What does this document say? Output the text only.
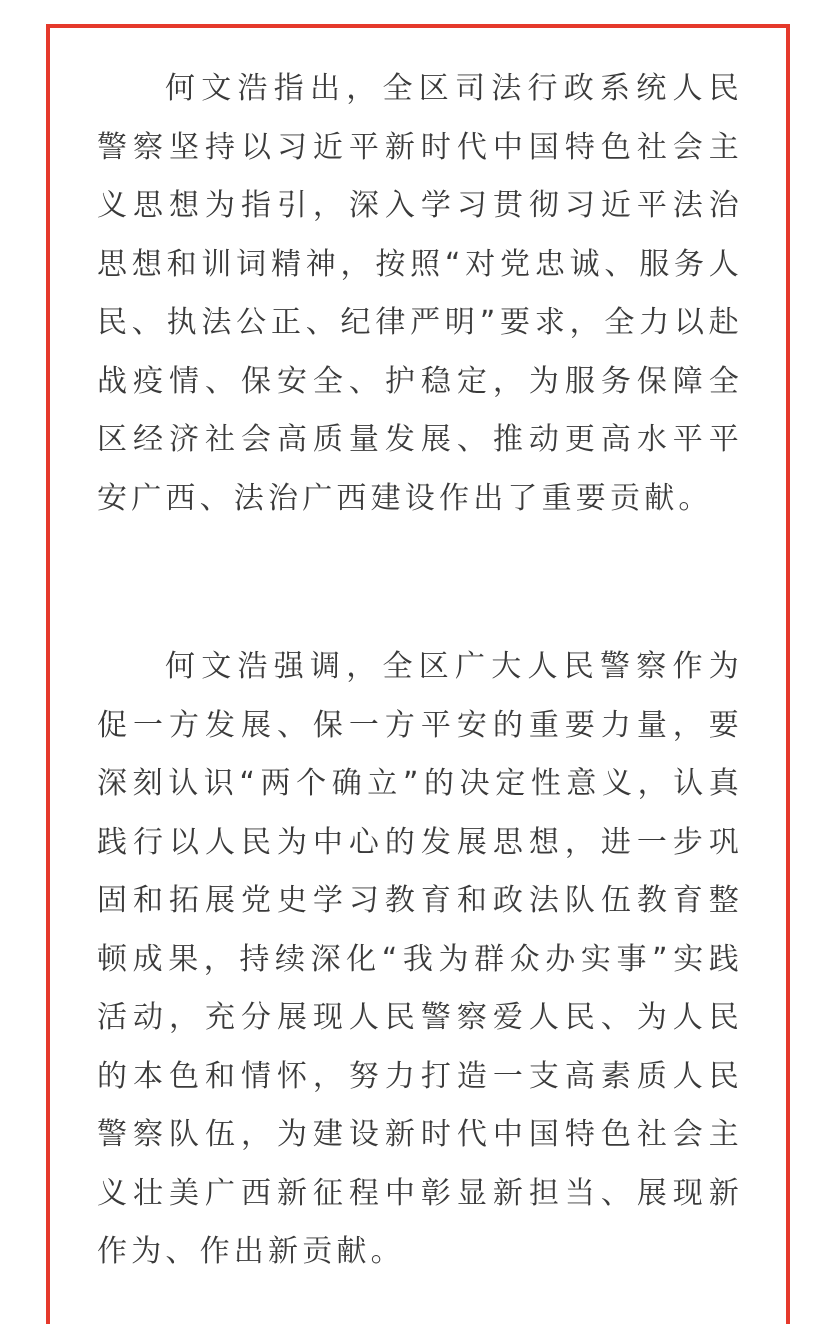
何文浩指出，全区司法行政系统人民警察坚持以习近平新时代中国特色社会主义思想为指引，深入学习贯彻习近平法治思想和训词精神，按照“对党忠诚、服务人民、执法公正、纪律严明”要求，全力以赴战疫情、保安全、护稳定，为服务保障全区经济社会高质量发展、推动更高水平平安广西、法治广西建设作出了重要贡献。

何文浩强调，全区广大人民警察作为促一方发展、保一方平安的重要力量，要深刻认识“两个确立”的决定性意义，认真践行以人民为中心的发展思想，进一步巩固和拓展党史学习教育和政法队伍教育整顿成果，持续深化“我为群众办实事”实践活动，充分展现人民警察爱人民、为人民的本色和情怀，努力打造一支高素质人民警察队伍，为建设新时代中国特色社会主义壮美广西新征程中彰显新担当、展现新作为、作出新贡献。
